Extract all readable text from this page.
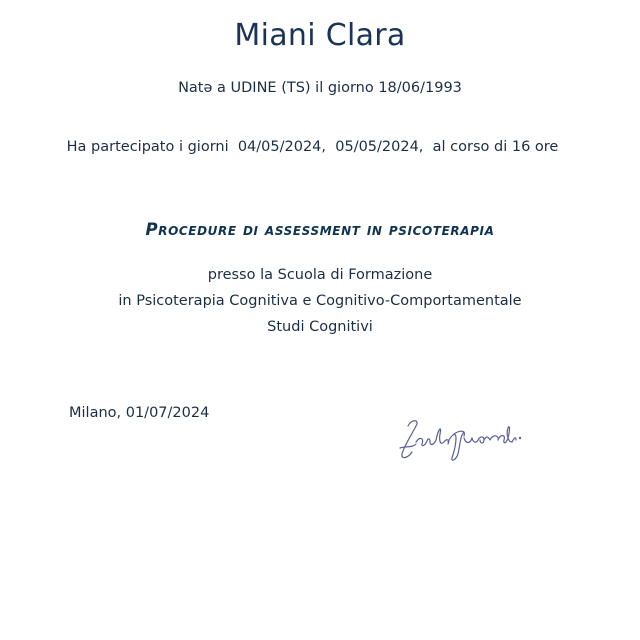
Miani Clara
Natə a UDINE (TS) il giorno 18/06/1993
Ha partecipato i giorni  04/05/2024,  05/05/2024,  al corso di 16 ore
Procedure di assessment in psicoterapia
presso la Scuola di Formazione
in Psicoterapia Cognitiva e Cognitivo-Comportamentale
Studi Cognitivi
Milano, 01/07/2024
